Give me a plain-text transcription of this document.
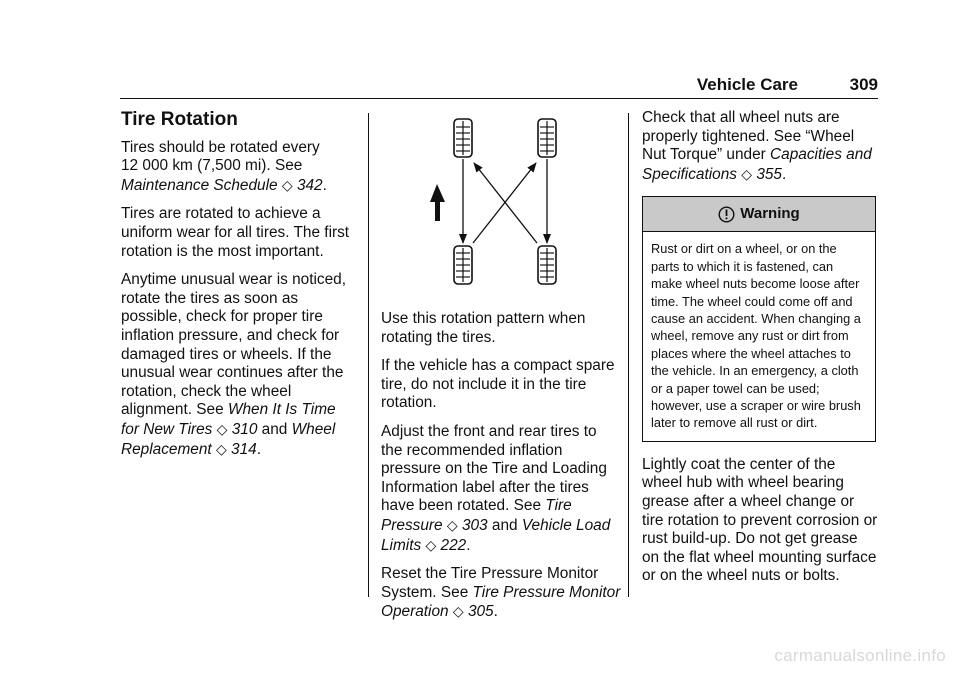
Vehicle Care	309
Tire Rotation

Tires should be rotated every 12 000 km (7,500 mi). See Maintenance Schedule ◇ 342.

Tires are rotated to achieve a uniform wear for all tires. The first rotation is the most important.

Anytime unusual wear is noticed, rotate the tires as soon as possible, check for proper tire inflation pressure, and check for damaged tires or wheels. If the unusual wear continues after the rotation, check the wheel alignment. See When It Is Time for New Tires ◇ 310 and Wheel Replacement ◇ 314.

Use this rotation pattern when rotating the tires.

If the vehicle has a compact spare tire, do not include it in the tire rotation.

Adjust the front and rear tires to the recommended inflation pressure on the Tire and Loading Information label after the tires have been rotated. See Tire Pressure ◇ 303 and Vehicle Load Limits ◇ 222.

Reset the Tire Pressure Monitor System. See Tire Pressure Monitor Operation ◇ 305.

Check that all wheel nuts are properly tightened. See “Wheel Nut Torque” under Capacities and Specifications ◇ 355.

Warning
Rust or dirt on a wheel, or on the parts to which it is fastened, can make wheel nuts become loose after time. The wheel could come off and cause an accident. When changing a wheel, remove any rust or dirt from places where the wheel attaches to the vehicle. In an emergency, a cloth or a paper towel can be used; however, use a scraper or wire brush later to remove all rust or dirt.

Lightly coat the center of the wheel hub with wheel bearing grease after a wheel change or tire rotation to prevent corrosion or rust build-up. Do not get grease on the flat wheel mounting surface or on the wheel nuts or bolts.

carmanualsonline.info
